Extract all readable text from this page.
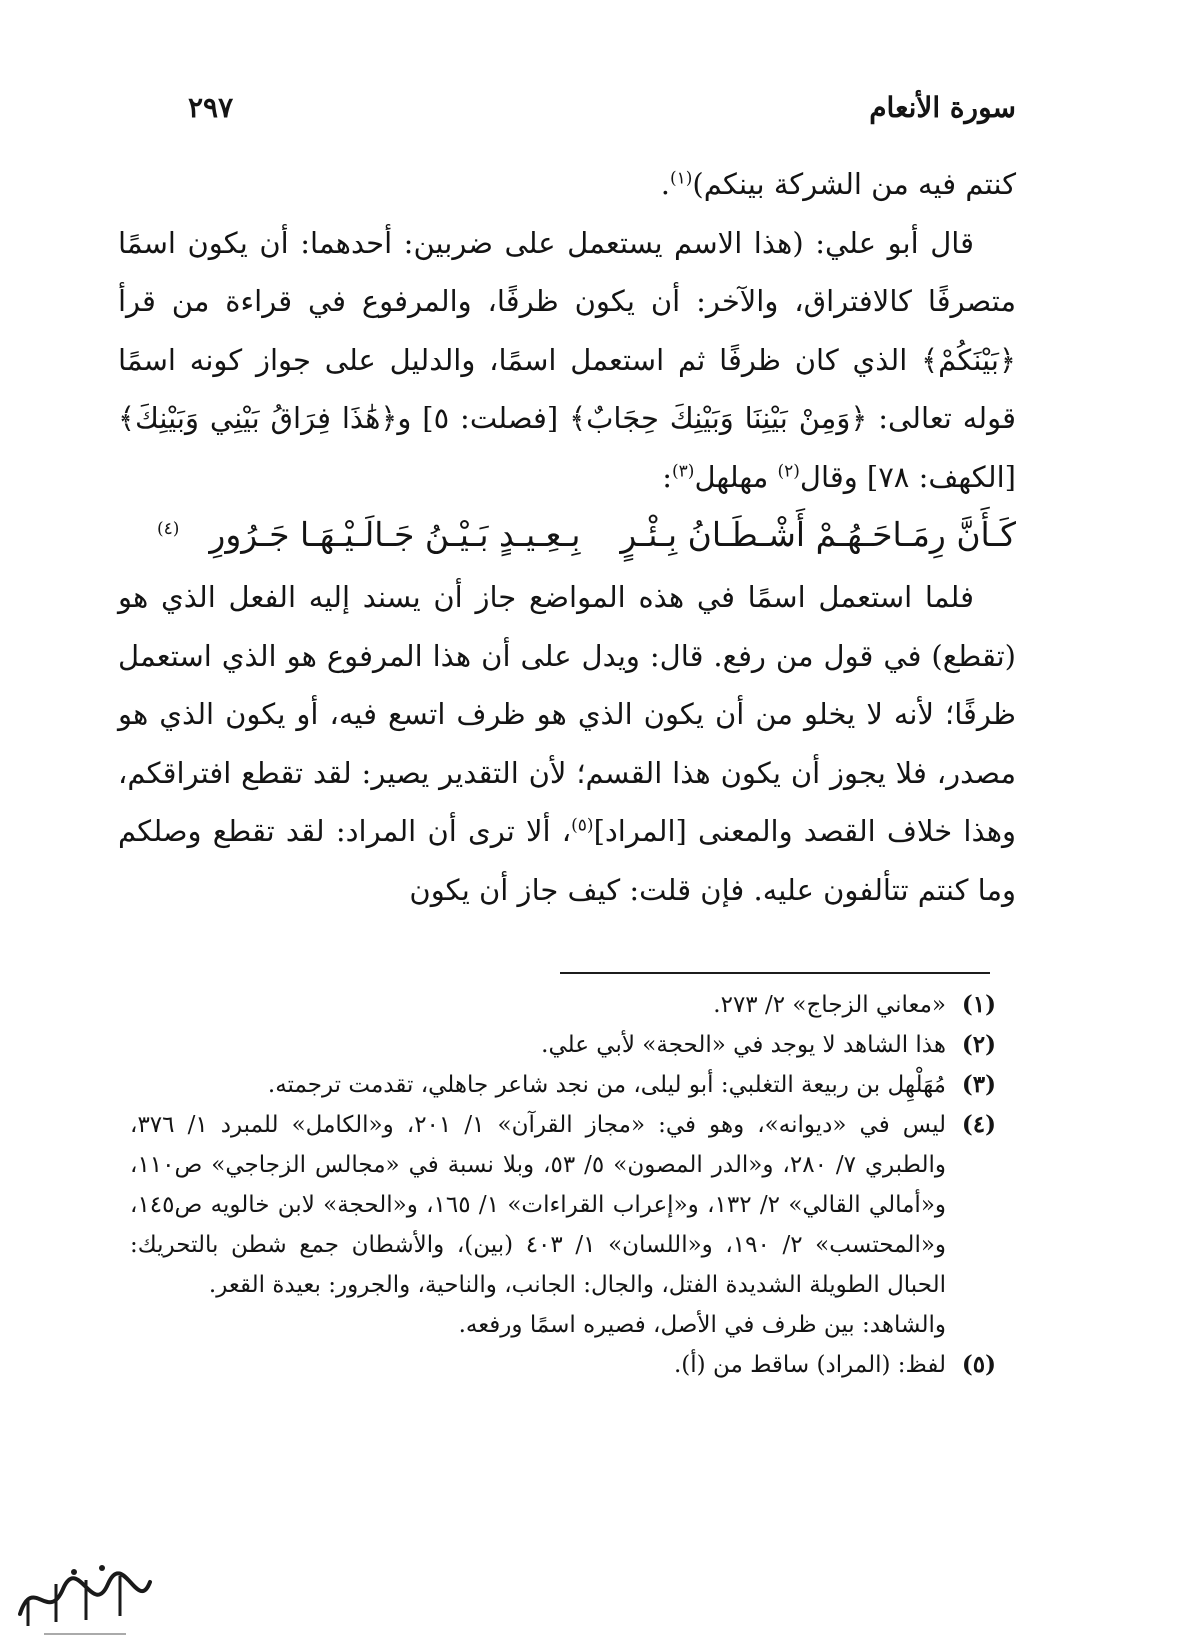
سورة الأنعام
٢٩٧

كنتم فيه من الشركة بينكم)$^{(١)}$.

قال أبو علي: (هذا الاسم يستعمل على ضربين: أحدهما: أن يكون اسمًا متصرفًا كالافتراق، والآخر: أن يكون ظرفًا، والمرفوع في قراءة من قرأ ﴿بَيْنَكُمْ﴾ الذي كان ظرفًا ثم استعمل اسمًا، والدليل على جواز كونه اسمًا قوله تعالى: ﴿وَمِنْ بَيْنِنَا وَبَيْنِكَ حِجَابٌ﴾ [فصلت: ٥] و﴿هَٰذَا فِرَاقُ بَيْنِي وَبَيْنِكَ﴾ [الكهف: ٧٨] وقال$^{(٢)}$ مهلهل$^{(٣)}$:

كَـأَنَّ رِمَـاحَـهُـمْ أَشْـطَـانُ بِـئْـرٍبِـعِـيـدٍ بَـيْـنُ جَـالَـيْـهَـا جَـرُورِ$^{(٤)}$

فلما استعمل اسمًا في هذه المواضع جاز أن يسند إليه الفعل الذي هو (تقطع) في قول من رفع. قال: ويدل على أن هذا المرفوع هو الذي استعمل ظرفًا؛ لأنه لا يخلو من أن يكون الذي هو ظرف اتسع فيه، أو يكون الذي هو مصدر، فلا يجوز أن يكون هذا القسم؛ لأن التقدير يصير: لقد تقطع افتراقكم، وهذا خلاف القصد والمعنى [المراد]$^{(٥)}$، ألا ترى أن المراد: لقد تقطع وصلكم وما كنتم تتألفون عليه. فإن قلت: كيف جاز أن يكون

(١)
«معاني الزجاج» ٢/ ٢٧٣.
(٢)
هذا الشاهد لا يوجد في «الحجة» لأبي علي.
(٣)
مُهَلْهِل بن ربيعة التغلبي: أبو ليلى، من نجد شاعر جاهلي، تقدمت ترجمته.
(٤)
ليس في «ديوانه»، وهو في: «مجاز القرآن» ١/ ٢٠١، و«الكامل» للمبرد ١/ ٣٧٦، والطبري ٧/ ٢٨٠، و«الدر المصون» ٥/ ٥٣، وبلا نسبة في «مجالس الزجاجي» ص١١٠، و«أمالي القالي» ٢/ ١٣٢، و«إعراب القراءات» ١/ ١٦٥، و«الحجة» لابن خالويه ص١٤٥، و«المحتسب» ٢/ ١٩٠، و«اللسان» ١/ ٤٠٣ (بين)، والأشطان جمع شطن بالتحريك: الحبال الطويلة الشديدة الفتل، والجال: الجانب، والناحية، والجرور: بعيدة القعر.
والشاهد: بين ظرف في الأصل، فصيره اسمًا ورفعه.
(٥)
لفظ: (المراد) ساقط من (أ).
